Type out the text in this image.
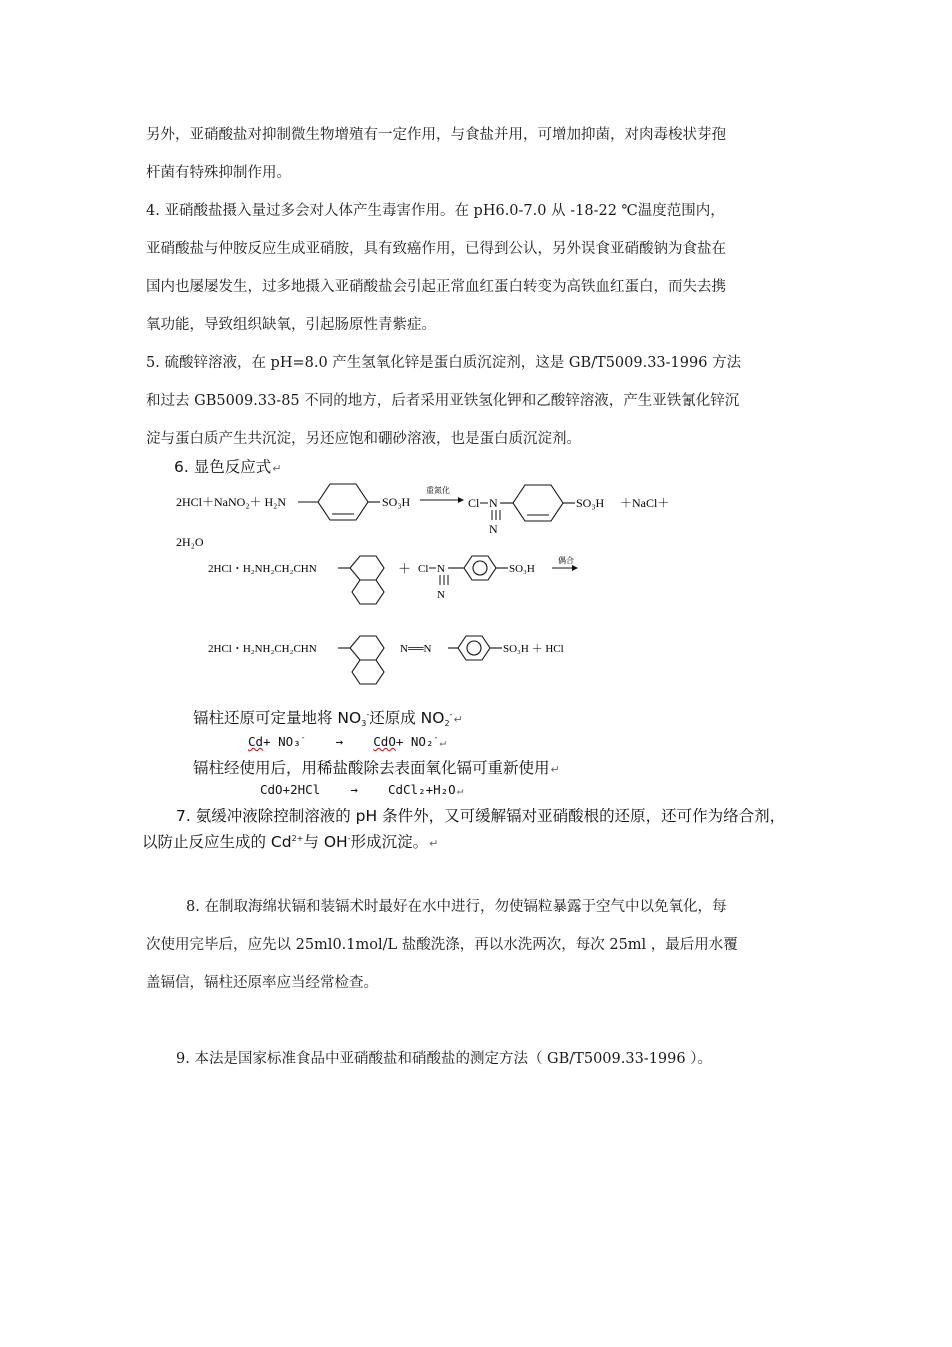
另外，亚硝酸盐对抑制微生物增殖有一定作用，与食盐并用，可增加抑菌，对肉毒梭状芽孢
杆菌有特殊抑制作用。
4. 亚硝酸盐摄入量过多会对人体产生毒害作用。在 pH6.0-7.0 从 -18-22 ℃温度范围内，
亚硝酸盐与仲胺反应生成亚硝胺，具有致癌作用，已得到公认，另外误食亚硝酸钠为食盐在
国内也屡屡发生，过多地摄入亚硝酸盐会引起正常血红蛋白转变为高铁血红蛋白，而失去携
氧功能，导致组织缺氧，引起肠原性青紫症。
5. 硫酸锌溶液，在 pH=8.0 产生氢氧化锌是蛋白质沉淀剂，这是 GB/T5009.33-1996 方法
和过去 GB5009.33-85 不同的地方，后者采用亚铁氢化钾和乙酸锌溶液，产生亚铁氰化锌沉
淀与蛋白质产生共沉淀，另还应饱和硼砂溶液，也是蛋白质沉淀剂。
6. 显色反应式↵
2HCl＋NaNO₂＋ H₂N	SO₃H
重氮化
Cl N
N
SO₃H ＋NaCl＋
2H₂O
2HCl・H₂NH₂CH₂CHN	＋ Cl N
N
SO₃H
偶合
2HCl・H₂NH₂CH₂CHN	N══N	SO₃H ＋ HCl
镉柱还原可定量地将 $NO_3^-$还原成 $NO_2^-↵$
Cd+ NO₃- → CdO+ NO₂-↵
镉柱经使用后，用稀盐酸除去表面氧化镉可重新使用↵
CdO+2HCl → CdCl₂+H₂O↵
7. 氨缓冲液除控制溶液的 pH 条件外，又可缓解镉对亚硝酸根的还原，还可作为络合剂，
以防止反应生成的 $Cd^{2+}$与 OH-形成沉淀。↵
8. 在制取海绵状镉和装镉术时最好在水中进行，勿使镉粒暴露于空气中以免氧化，每
次使用完毕后，应先以 25ml0.1mol/L 盐酸洗涤，再以水洗两次，每次 25ml ，最后用水覆
盖镉信，镉柱还原率应当经常检查。
9. 本法是国家标准食品中亚硝酸盐和硝酸盐的测定方法（ GB/T5009.33-1996 ）。
